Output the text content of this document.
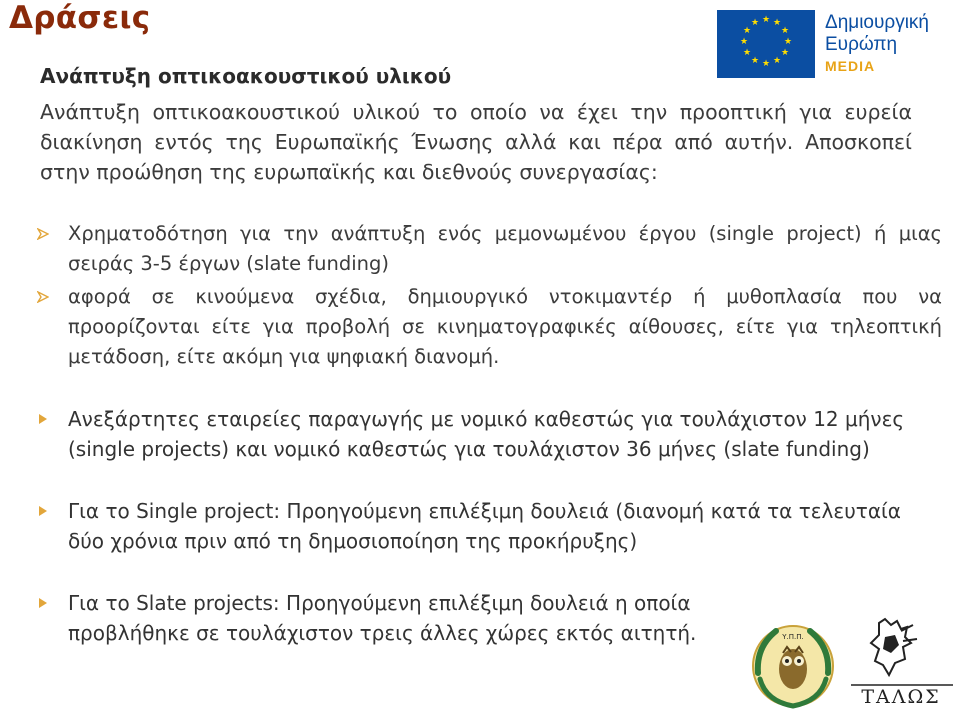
Δράσεις	★ ★
★
★
★
★
★
★
★
★
★
★	Δημιουργική
Ευρώπη
MEDIA
Ανάπτυξη οπτικοακουστικού υλικού
Ανάπτυξη οπτικοακουστικού υλικού το οποίο να έχει την προοπτική για ευρεία διακίνηση εντός της Ευρωπαϊκής Ένωσης αλλά και πέρα από αυτήν. Αποσκοπεί στην προώθηση της ευρωπαϊκής και διεθνούς συνεργασίας:
Χρηματοδότηση για την ανάπτυξη ενός μεμονωμένου έργου (single project) ή μιας σειράς 3-5 έργων (slate funding)
αφορά σε κινούμενα σχέδια, δημιουργικό ντοκιμαντέρ ή μυθοπλασία που να προορίζονται είτε για προβολή σε κινηματογραφικές αίθουσες, είτε για τηλεοπτική μετάδοση, είτε ακόμη για ψηφιακή διανομή.
Ανεξάρτητες εταιρείες παραγωγής με νομικό καθεστώς για τουλάχιστον 12 μήνες (single projects) και νομικό καθεστώς για τουλάχιστον 36 μήνες (slate funding)
Για το Single project: Προηγούμενη επιλέξιμη δουλειά (διανομή κατά τα τελευταία δύο χρόνια πριν από τη δημοσιοποίηση της προκήρυξης)
Για το Slate projects: Προηγούμενη επιλέξιμη δουλειά η οποία προβλήθηκε σε τουλάχιστον τρεις άλλες χώρες εκτός αιτητή.	Υ.Π.Π.
ΤΑΛΩΣ
